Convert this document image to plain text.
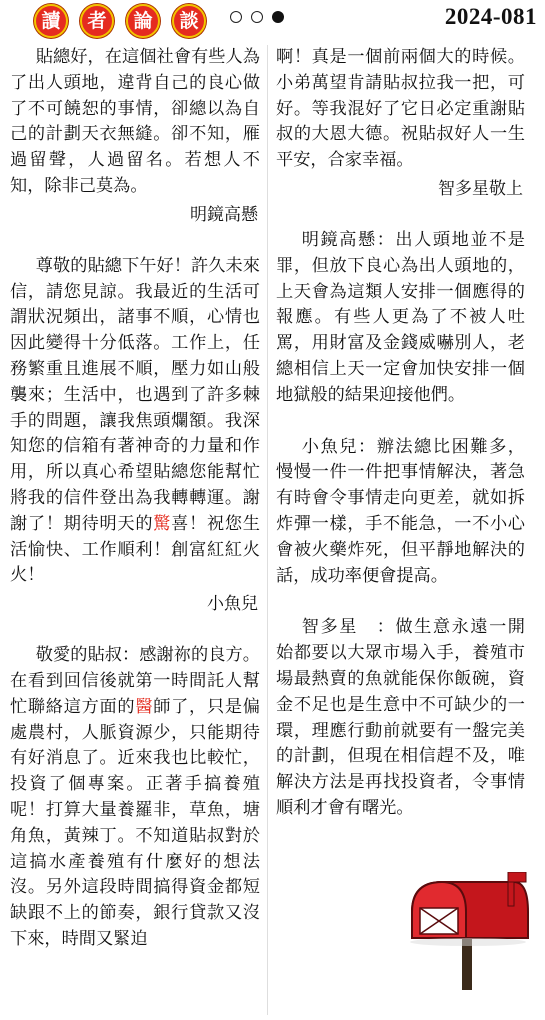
讀	者	論	談	2024-081

貼總好，在這個社會有些人為了出人頭地，違背自己的良心做了不可饒恕的事情，卻總以為自己的計劃天衣無縫。卻不知，雁過留聲，人過留名。若想人不知，除非己莫為。

明鏡高懸

尊敬的貼總下午好！許久未來信，請您見諒。我最近的生活可謂狀況頻出，諸事不順，心情也因此變得十分低落。工作上，任務繁重且進展不順，壓力如山般襲來；生活中，也遇到了許多棘手的問題，讓我焦頭爛額。我深知您的信箱有著神奇的力量和作用，所以真心希望貼總您能幫忙將我的信件登出為我轉轉運。謝謝了！期待明天的驚喜！祝您生活愉快、工作順利！創富紅紅火火！

小魚兒

敬愛的貼叔：感謝祢的良方。在看到回信後就第一時間託人幫忙聯絡這方面的醫師了，只是偏處農村，人脈資源少，只能期待有好消息了。近來我也比較忙，投資了個專案。正著手搞養殖呢！打算大量養羅非，草魚，塘角魚，黃辣丁。不知道貼叔對於這搞水產養殖有什麼好的想法沒。另外這段時間搞得資金都短缺跟不上的節奏，銀行貸款又沒下來，時間又緊迫

啊！真是一個前兩個大的時候。小弟萬望肯請貼叔拉我一把，可好。等我混好了它日必定重謝貼叔的大恩大德。祝貼叔好人一生平安，合家幸福。

智多星敬上

明鏡高懸：出人頭地並不是罪，但放下良心為出人頭地的，上天會為這類人安排一個應得的報應。有些人更為了不被人吐罵，用財富及金錢威嚇別人，老總相信上天一定會加快安排一個地獄般的結果迎接他們。

小魚兒：辦法總比困難多，慢慢一件一件把事情解決，著急有時會令事情走向更差，就如拆炸彈一樣，手不能急，一不小心會被火藥炸死，但平靜地解決的話，成功率便會提高。

智多星　：做生意永遠一開始都要以大眾市場入手，養殖市場最熱賣的魚就能保你飯碗，資金不足也是生意中不可缺少的一環，理應行動前就要有一盤完美的計劃，但現在相信趕不及，唯解決方法是再找投資者，令事情順利才會有曙光。
